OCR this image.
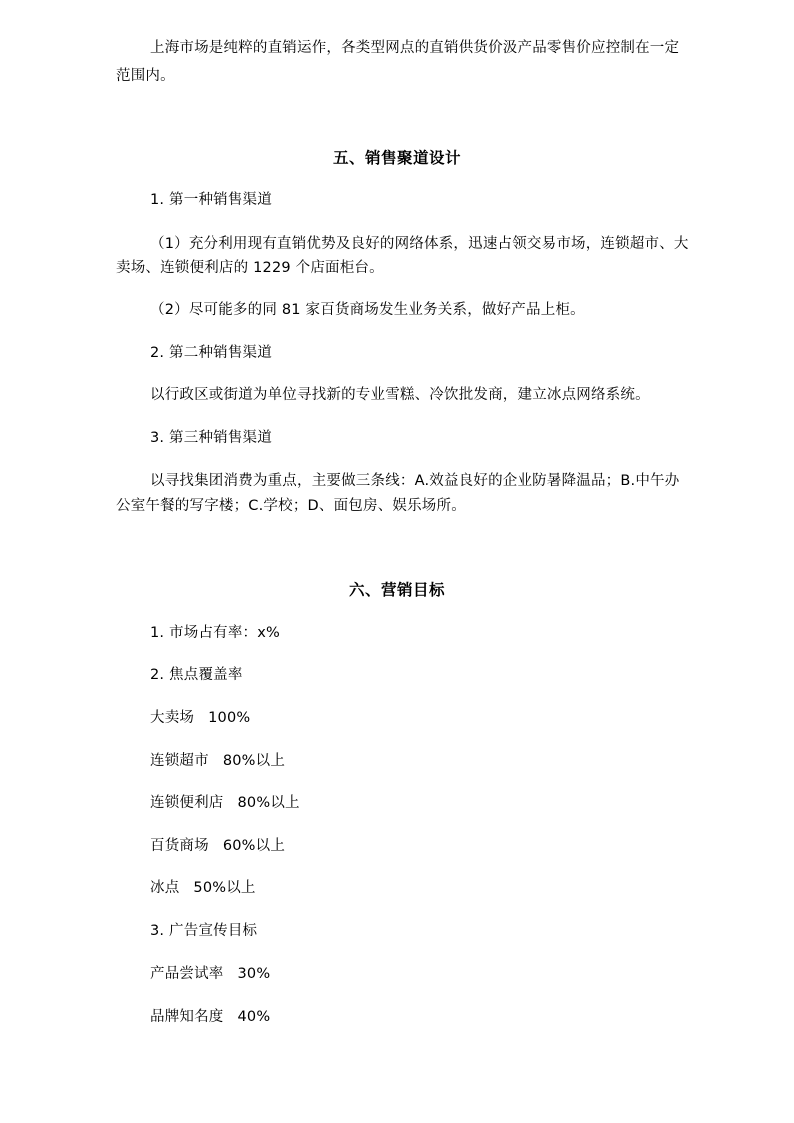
上海市场是纯粹的直销运作，各类型网点的直销供货价汲产品零售价应控制在一定
范围内。
五、销售聚道设计
1. 第一种销售渠道
（1）充分利用现有直销优势及良好的网络体系，迅速占领交易市场，连锁超市、大
卖场、连锁便利店的 1229 个店面柜台。
（2）尽可能多的同 81 家百货商场发生业务关系，做好产品上柜。
2. 第二种销售渠道
以行政区或街道为单位寻找新的专业雪糕、冷饮批发商，建立冰点网络系统。
3. 第三种销售渠道
以寻找集团消费为重点，主要做三条线：A.效益良好的企业防暑降温品；B.中午办
公室午餐的写字楼；C.学校；D、面包房、娱乐场所。
六、营销目标
1. 市场占有率：x%
2. 焦点覆盖率
大卖场 100%
连锁超市 80%以上
连锁便利店 80%以上
百货商场 60%以上
冰点 50%以上
3. 广告宣传目标
产品尝试率 30%
品牌知名度 40%
